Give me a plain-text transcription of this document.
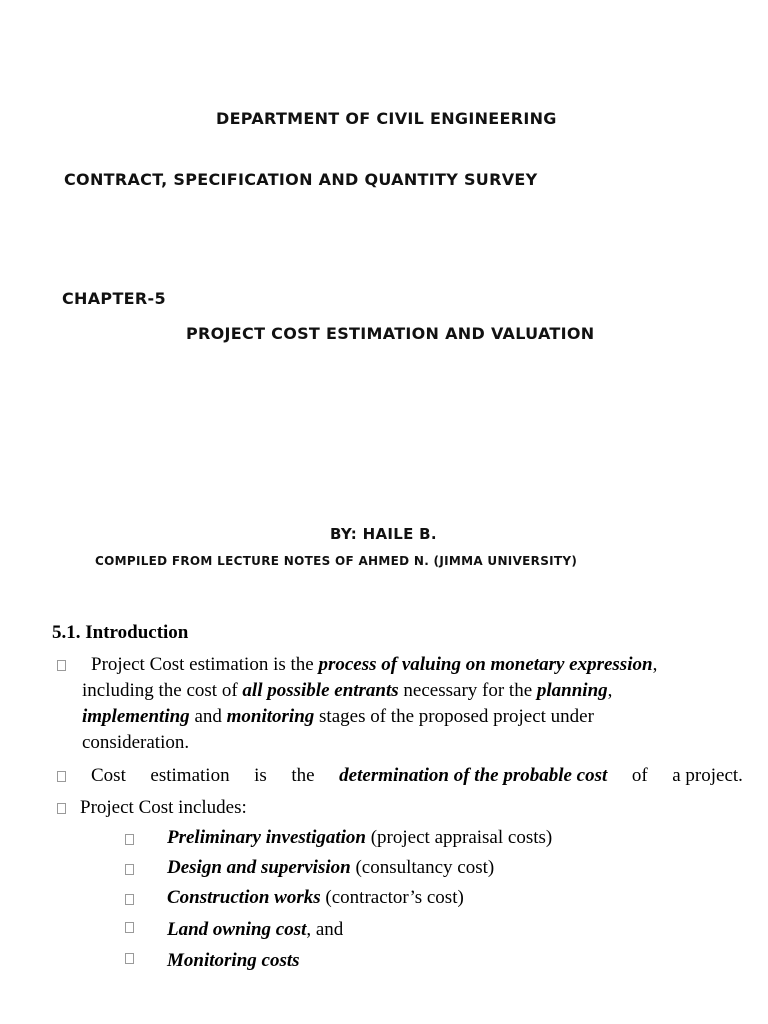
DEPARTMENT OF CIVIL ENGINEERING

CONTRACT, SPECIFICATION AND QUANTITY SURVEY

CHAPTER-5

PROJECT COST ESTIMATION AND VALUATION

BY: HAILE B.

COMPILED FROM LECTURE NOTES OF AHMED N. (JIMMA UNIVERSITY)

5.1. Introduction
Project Cost estimation is the process of valuing on monetary expression,
including the cost of all possible entrants necessary for the planning,
implementing and monitoring stages of the proposed project under
consideration.
Cost estimation is the determination of the probable cost of a project.
Project Cost includes:
Preliminary investigation (project appraisal costs)
Design and supervision (consultancy cost)
Construction works (contractor’s cost)
Land owning cost, and
Monitoring costs
